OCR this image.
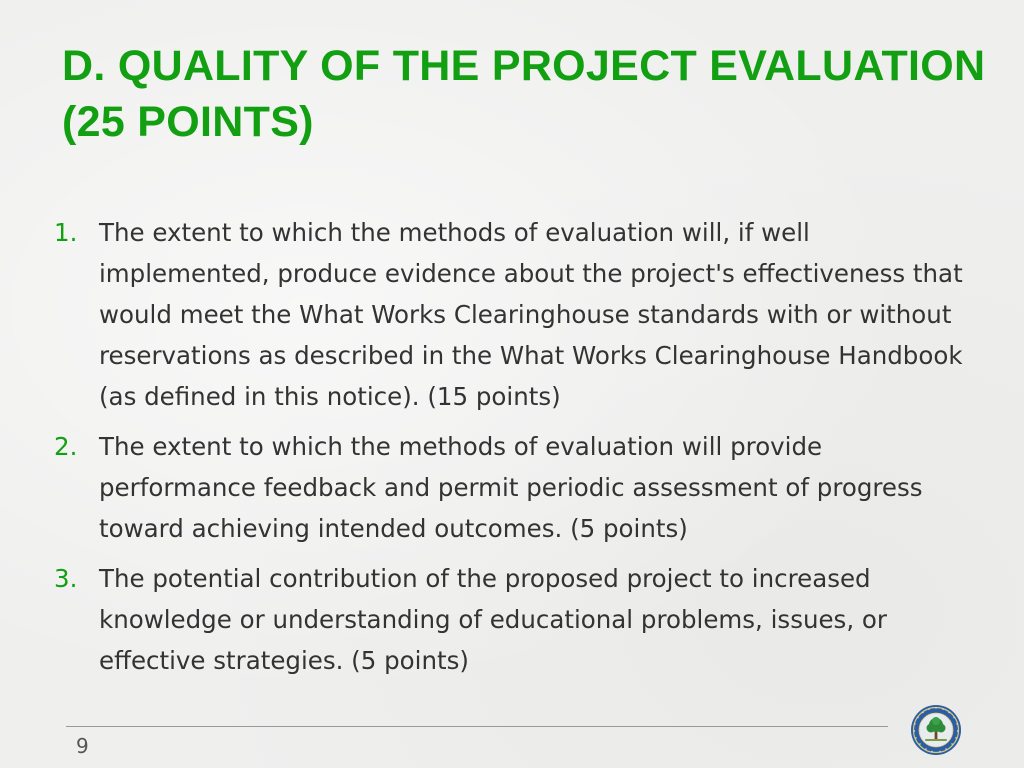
D. QUALITY OF THE PROJECT EVALUATION
(25 POINTS)
1. The extent to which the methods of evaluation will, if well implemented, produce evidence about the project's effectiveness that would meet the What Works Clearinghouse standards with or without reservations as described in the What Works Clearinghouse Handbook (as defined in this notice). (15 points)
2. The extent to which the methods of evaluation will provide performance feedback and permit periodic assessment of progress toward achieving intended outcomes. (5 points)
3. The potential contribution of the proposed project to increased knowledge or understanding of educational problems, issues, or effective strategies. (5 points)
9
